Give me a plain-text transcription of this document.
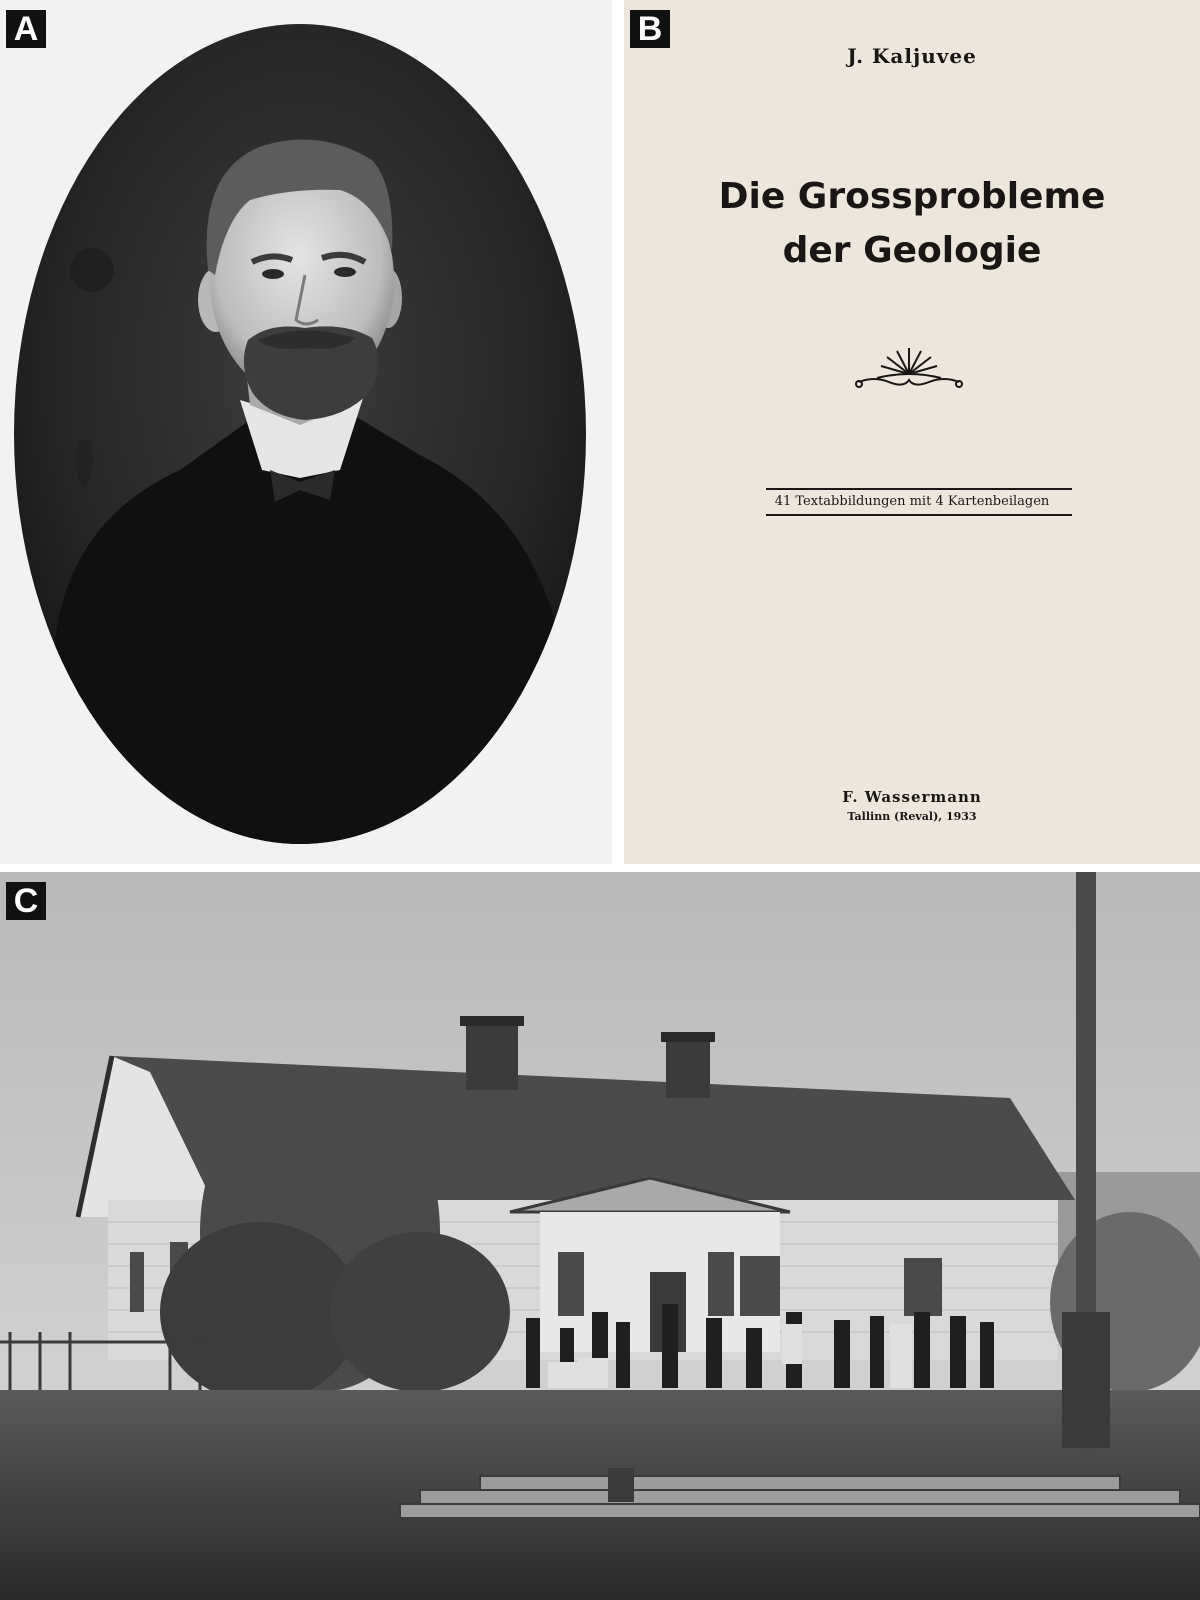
A	B
J. Kaljuvee
Die Grossprobleme
der Geologie
41 Textabbildungen mit 4 Kartenbeilagen
F. Wassermann
Tallinn (Reval), 1933
C
